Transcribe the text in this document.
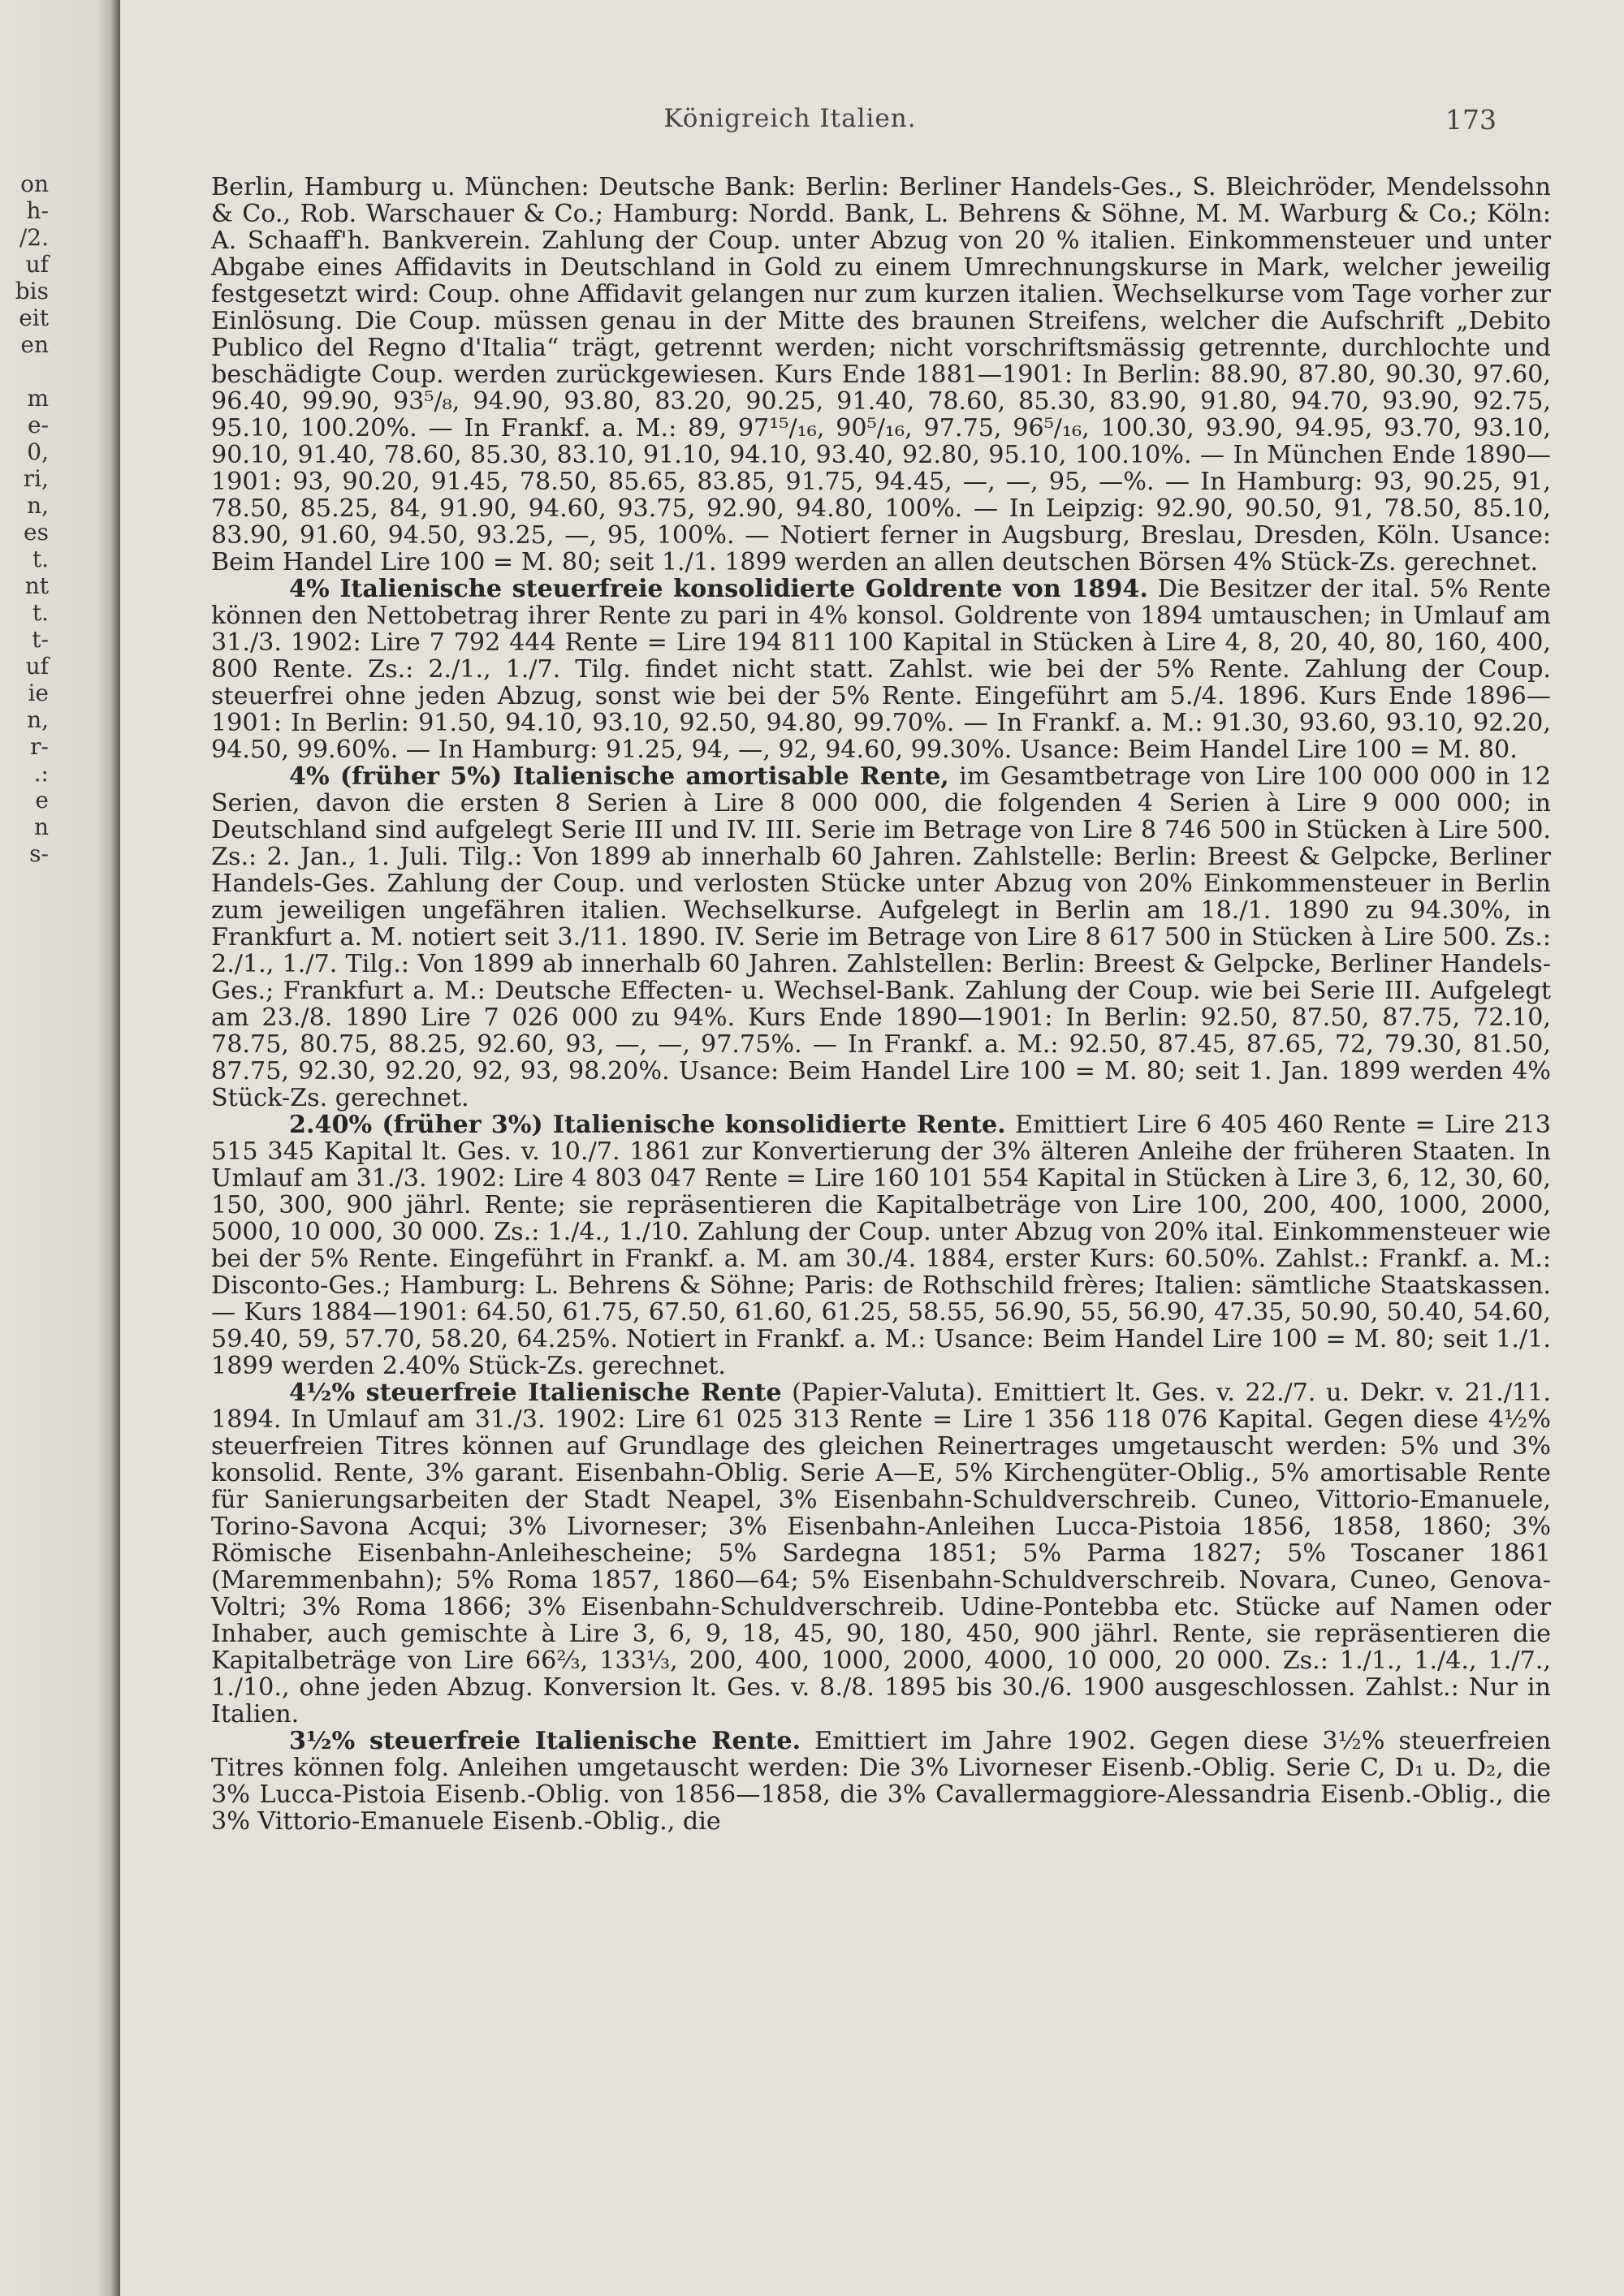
on
h-
/2.
uf
bis
eit
en
m
e-
0,
ri,
n,
es
t.
nt
t.
t-
uf
ie
n,
r-
.:
e
n
s-
Königreich Italien.	173

Berlin, Hamburg u. München: Deutsche Bank: Berlin: Berliner Handels-Ges., S. Bleichröder, Mendelssohn & Co., Rob. Warschauer & Co.; Hamburg: Nordd. Bank, L. Behrens & Söhne, M. M. Warburg & Co.; Köln: A. Schaaff'h. Bankverein. Zahlung der Coup. unter Abzug von 20 % italien. Einkommensteuer und unter Abgabe eines Affidavits in Deutschland in Gold zu einem Umrechnungskurse in Mark, welcher jeweilig festgesetzt wird: Coup. ohne Affidavit gelangen nur zum kurzen italien. Wechselkurse vom Tage vorher zur Einlösung. Die Coup. müssen genau in der Mitte des braunen Streifens, welcher die Aufschrift „Debito Publico del Regno d'Italia“ trägt, getrennt werden; nicht vorschriftsmässig getrennte, durchlochte und beschädigte Coup. werden zurückgewiesen. Kurs Ende 1881—1901: In Berlin: 88.90, 87.80, 90.30, 97.60, 96.40, 99.90, 93⁵/₈, 94.90, 93.80, 83.20, 90.25, 91.40, 78.60, 85.30, 83.90, 91.80, 94.70, 93.90, 92.75, 95.10, 100.20%. — In Frankf. a. M.: 89, 97¹⁵/₁₆, 90⁵/₁₆, 97.75, 96⁵/₁₆, 100.30, 93.90, 94.95, 93.70, 93.10, 90.10, 91.40, 78.60, 85.30, 83.10, 91.10, 94.10, 93.40, 92.80, 95.10, 100.10%. — In München Ende 1890—1901: 93, 90.20, 91.45, 78.50, 85.65, 83.85, 91.75, 94.45, —, —, 95, —%. — In Hamburg: 93, 90.25, 91, 78.50, 85.25, 84, 91.90, 94.60, 93.75, 92.90, 94.80, 100%. — In Leipzig: 92.90, 90.50, 91, 78.50, 85.10, 83.90, 91.60, 94.50, 93.25, —, 95, 100%. — Notiert ferner in Augsburg, Breslau, Dresden, Köln. Usance: Beim Handel Lire 100 = M. 80; seit 1./1. 1899 werden an allen deutschen Börsen 4% Stück-Zs. gerechnet.

4% Italienische steuerfreie konsolidierte Goldrente von 1894. Die Besitzer der ital. 5% Rente können den Nettobetrag ihrer Rente zu pari in 4% konsol. Goldrente von 1894 umtauschen; in Umlauf am 31./3. 1902: Lire 7 792 444 Rente = Lire 194 811 100 Kapital in Stücken à Lire 4, 8, 20, 40, 80, 160, 400, 800 Rente. Zs.: 2./1., 1./7. Tilg. findet nicht statt. Zahlst. wie bei der 5% Rente. Zahlung der Coup. steuerfrei ohne jeden Abzug, sonst wie bei der 5% Rente. Eingeführt am 5./4. 1896. Kurs Ende 1896—1901: In Berlin: 91.50, 94.10, 93.10, 92.50, 94.80, 99.70%. — In Frankf. a. M.: 91.30, 93.60, 93.10, 92.20, 94.50, 99.60%. — In Hamburg: 91.25, 94, —, 92, 94.60, 99.30%. Usance: Beim Handel Lire 100 = M. 80.

4% (früher 5%) Italienische amortisable Rente, im Gesamtbetrage von Lire 100 000 000 in 12 Serien, davon die ersten 8 Serien à Lire 8 000 000, die folgenden 4 Serien à Lire 9 000 000; in Deutschland sind aufgelegt Serie III und IV. III. Serie im Betrage von Lire 8 746 500 in Stücken à Lire 500. Zs.: 2. Jan., 1. Juli. Tilg.: Von 1899 ab innerhalb 60 Jahren. Zahlstelle: Berlin: Breest & Gelpcke, Berliner Handels-Ges. Zahlung der Coup. und verlosten Stücke unter Abzug von 20% Einkommensteuer in Berlin zum jeweiligen ungefähren italien. Wechselkurse. Aufgelegt in Berlin am 18./1. 1890 zu 94.30%, in Frankfurt a. M. notiert seit 3./11. 1890. IV. Serie im Betrage von Lire 8 617 500 in Stücken à Lire 500. Zs.: 2./1., 1./7. Tilg.: Von 1899 ab innerhalb 60 Jahren. Zahlstellen: Berlin: Breest & Gelpcke, Berliner Handels-Ges.; Frankfurt a. M.: Deutsche Effecten- u. Wechsel-Bank. Zahlung der Coup. wie bei Serie III. Aufgelegt am 23./8. 1890 Lire 7 026 000 zu 94%. Kurs Ende 1890—1901: In Berlin: 92.50, 87.50, 87.75, 72.10, 78.75, 80.75, 88.25, 92.60, 93, —, —, 97.75%. — In Frankf. a. M.: 92.50, 87.45, 87.65, 72, 79.30, 81.50, 87.75, 92.30, 92.20, 92, 93, 98.20%. Usance: Beim Handel Lire 100 = M. 80; seit 1. Jan. 1899 werden 4% Stück-Zs. gerechnet.

2.40% (früher 3%) Italienische konsolidierte Rente. Emittiert Lire 6 405 460 Rente = Lire 213 515 345 Kapital lt. Ges. v. 10./7. 1861 zur Konvertierung der 3% älteren Anleihe der früheren Staaten. In Umlauf am 31./3. 1902: Lire 4 803 047 Rente = Lire 160 101 554 Kapital in Stücken à Lire 3, 6, 12, 30, 60, 150, 300, 900 jährl. Rente; sie repräsentieren die Kapitalbeträge von Lire 100, 200, 400, 1000, 2000, 5000, 10 000, 30 000. Zs.: 1./4., 1./10. Zahlung der Coup. unter Abzug von 20% ital. Einkommensteuer wie bei der 5% Rente. Eingeführt in Frankf. a. M. am 30./4. 1884, erster Kurs: 60.50%. Zahlst.: Frankf. a. M.: Disconto-Ges.; Hamburg: L. Behrens & Söhne; Paris: de Rothschild frères; Italien: sämtliche Staatskassen. — Kurs 1884—1901: 64.50, 61.75, 67.50, 61.60, 61.25, 58.55, 56.90, 55, 56.90, 47.35, 50.90, 50.40, 54.60, 59.40, 59, 57.70, 58.20, 64.25%. Notiert in Frankf. a. M.: Usance: Beim Handel Lire 100 = M. 80; seit 1./1. 1899 werden 2.40% Stück-Zs. gerechnet.

4½% steuerfreie Italienische Rente (Papier-Valuta). Emittiert lt. Ges. v. 22./7. u. Dekr. v. 21./11. 1894. In Umlauf am 31./3. 1902: Lire 61 025 313 Rente = Lire 1 356 118 076 Kapital. Gegen diese 4½% steuerfreien Titres können auf Grundlage des gleichen Reinertrages umgetauscht werden: 5% und 3% konsolid. Rente, 3% garant. Eisenbahn-Oblig. Serie A—E, 5% Kirchengüter-Oblig., 5% amortisable Rente für Sanierungsarbeiten der Stadt Neapel, 3% Eisenbahn-Schuldverschreib. Cuneo, Vittorio-Emanuele, Torino-Savona Acqui; 3% Livorneser; 3% Eisenbahn-Anleihen Lucca-Pistoia 1856, 1858, 1860; 3% Römische Eisenbahn-Anleihescheine; 5% Sardegna 1851; 5% Parma 1827; 5% Toscaner 1861 (Maremmenbahn); 5% Roma 1857, 1860—64; 5% Eisenbahn-Schuldverschreib. Novara, Cuneo, Genova-Voltri; 3% Roma 1866; 3% Eisenbahn-Schuldverschreib. Udine-Pontebba etc. Stücke auf Namen oder Inhaber, auch gemischte à Lire 3, 6, 9, 18, 45, 90, 180, 450, 900 jährl. Rente, sie repräsentieren die Kapitalbeträge von Lire 66⅔, 133⅓, 200, 400, 1000, 2000, 4000, 10 000, 20 000. Zs.: 1./1., 1./4., 1./7., 1./10., ohne jeden Abzug. Konversion lt. Ges. v. 8./8. 1895 bis 30./6. 1900 ausgeschlossen. Zahlst.: Nur in Italien.

3½% steuerfreie Italienische Rente. Emittiert im Jahre 1902. Gegen diese 3½% steuerfreien Titres können folg. Anleihen umgetauscht werden: Die 3% Livorneser Eisenb.-Oblig. Serie C, D₁ u. D₂, die 3% Lucca-Pistoia Eisenb.-Oblig. von 1856—1858, die 3% Cavallermaggiore-Alessandria Eisenb.-Oblig., die 3% Vittorio-Emanuele Eisenb.-Oblig., die
